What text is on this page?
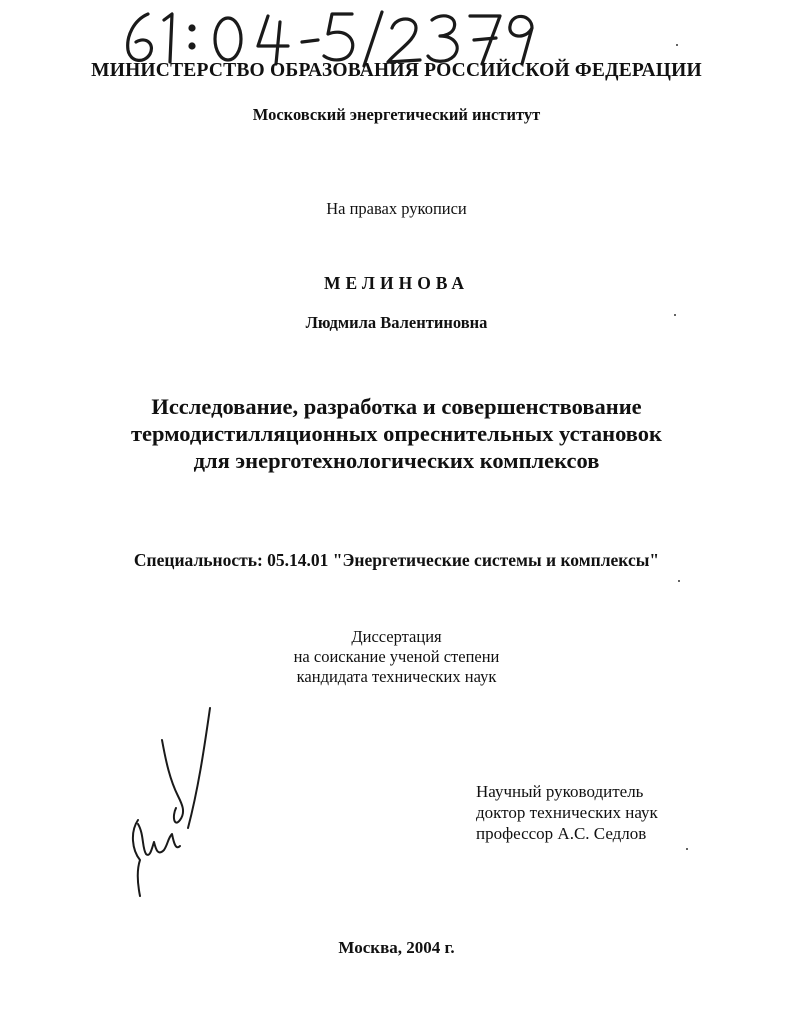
МИНИСТЕРСТВО ОБРАЗОВАНИЯ РОССИЙСКОЙ ФЕДЕРАЦИИ
Московский энергетический институт
На правах рукописи
МЕЛИНОВА
Людмила Валентиновна
Исследование, разработка и совершенствование
термодистилляционных опреснительных установок
для энерготехнологических комплексов
Специальность: 05.14.01 "Энергетические системы и комплексы"
Диссертация
на соискание ученой степени
кандидата технических наук
Научный руководитель
доктор технических наук
профессор А.С. Седлов
Москва, 2004 г.
